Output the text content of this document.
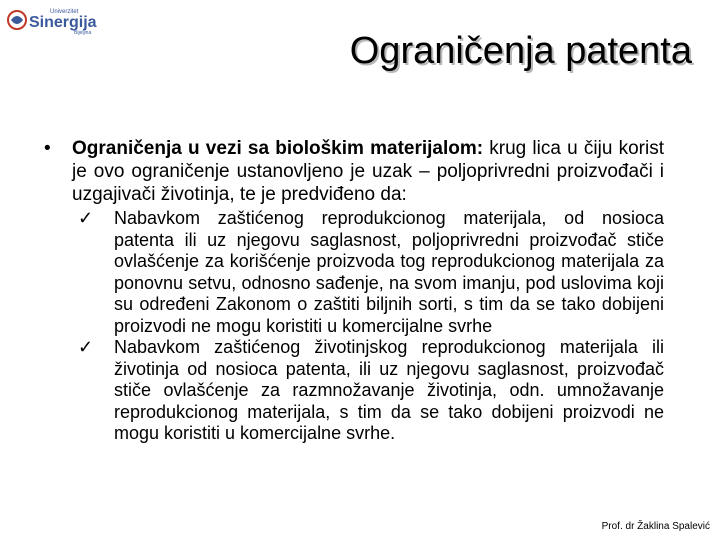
Univerzitet
Sinergija
Bijeljina	Ograničenja patenta
• Ograničenja u vezi sa biološkim materijalom: krug lica u čiju korist je ovo ograničenje ustanovljeno je uzak – poljoprivredni proizvođači i uzgajivači životinja, te je predviđeno da:
✓ Nabavkom zaštićenog reprodukcionog materijala, od nosioca patenta ili uz njegovu saglasnost, poljoprivredni proizvođač stiče ovlašćenje za korišćenje proizvoda tog reprodukcionog materijala za ponovnu setvu, odnosno sađenje, na svom imanju, pod uslovima koji su određeni Zakonom o zaštiti biljnih sorti, s tim da se tako dobijeni proizvodi ne mogu koristiti u komercijalne svrhe
✓ Nabavkom zaštićenog životinjskog reprodukcionog materijala ili životinja od nosioca patenta, ili uz njegovu saglasnost, proizvođač stiče ovlašćenje za razmnožavanje životinja, odn. umnožavanje reprodukcionog materijala, s tim da se tako dobijeni proizvodi ne mogu koristiti u komercijalne svrhe.
Prof. dr Žaklina Spalević
